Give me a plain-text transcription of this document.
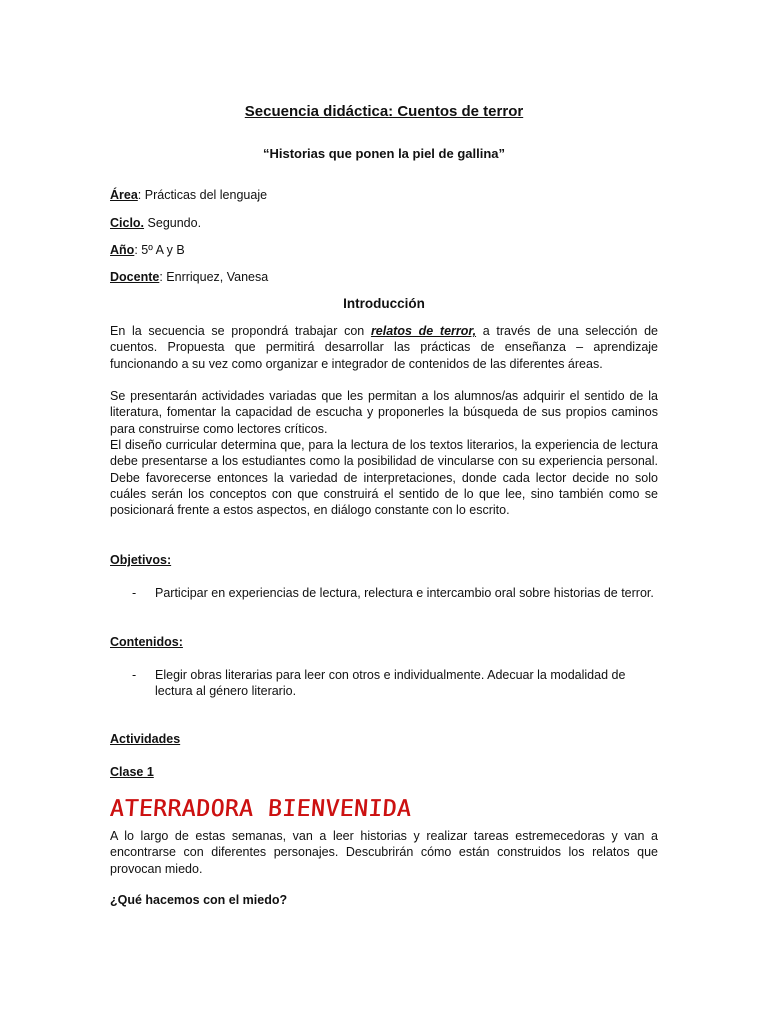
Secuencia didáctica: Cuentos de terror
“Historias que ponen la piel de gallina”
Área: Prácticas del lenguaje
Ciclo. Segundo.
Año: 5º A y B
Docente: Enrriquez, Vanesa
Introducción
En la secuencia se propondrá trabajar con relatos de terror, a través de una selección de cuentos. Propuesta que permitirá desarrollar las prácticas de enseñanza – aprendizaje funcionando a su vez como organizar e integrador de contenidos de las diferentes áreas.
Se presentarán actividades variadas que les permitan a los alumnos/as adquirir el sentido de la literatura, fomentar la capacidad de escucha y proponerles la búsqueda de sus propios caminos para construirse como lectores críticos.
El diseño curricular determina que, para la lectura de los textos literarios, la experiencia de lectura debe presentarse a los estudiantes como la posibilidad de vincularse con su experiencia personal. Debe favorecerse entonces la variedad de interpretaciones, donde cada lector decide no solo cuáles serán los conceptos con que construirá el sentido de lo que lee, sino también como se posicionará frente a estos aspectos, en diálogo constante con lo escrito.
Objetivos:
- Participar en experiencias de lectura, relectura e intercambio oral sobre historias de terror.
Contenidos:
- Elegir obras literarias para leer con otros e individualmente. Adecuar la modalidad de lectura al género literario.
Actividades
Clase 1
ATERRADORA BIENVENIDA
A lo largo de estas semanas, van a leer historias y realizar tareas estremecedoras y van a encontrarse con diferentes personajes. Descubrirán cómo están construidos los relatos que provocan miedo.
¿Qué hacemos con el miedo?
